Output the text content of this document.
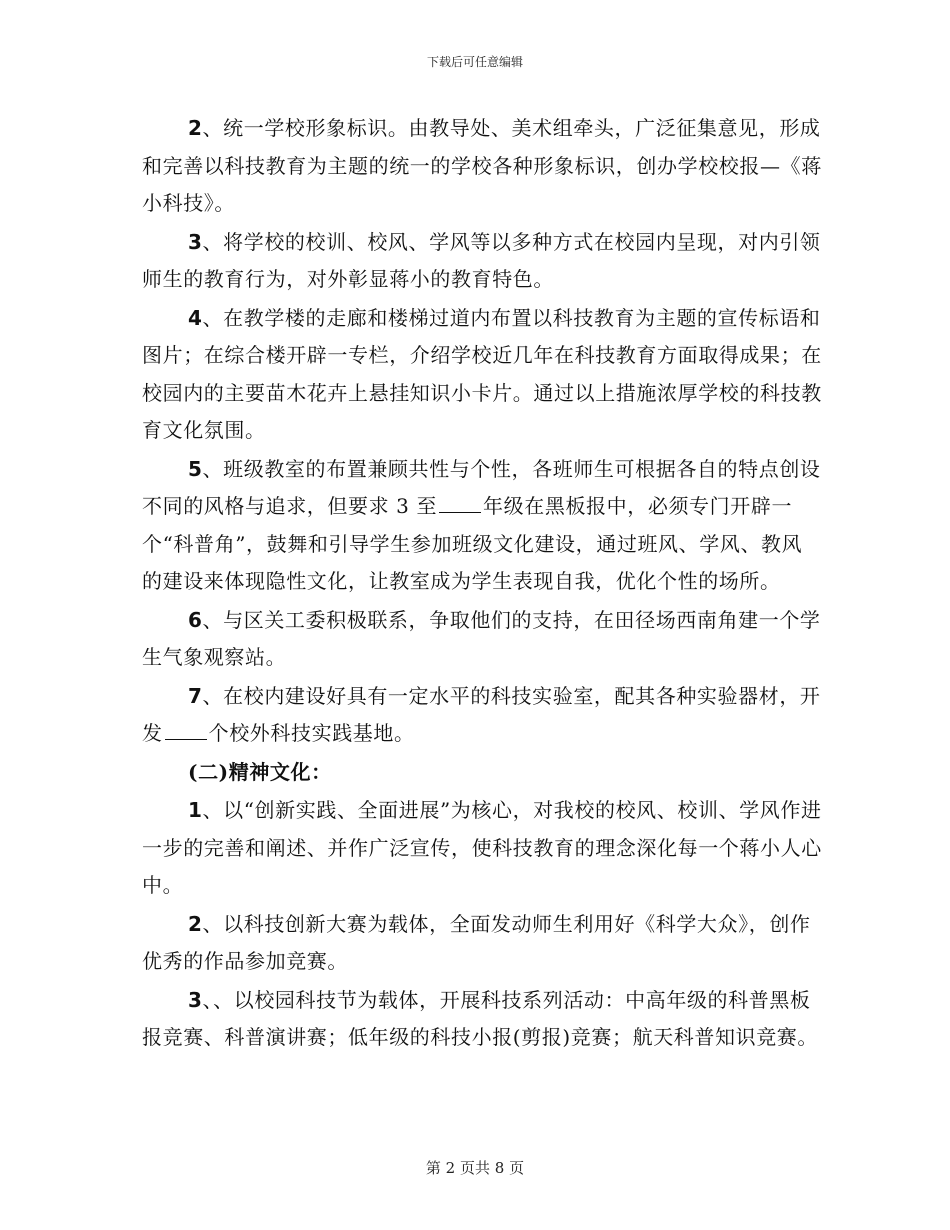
下载后可任意编辑

2、统一学校形象标识。由教导处、美术组牵头，广泛征集意见，形成和完善以科技教育为主题的统一的学校各种形象标识，创办学校校报—《蒋小科技》。

3、将学校的校训、校风、学风等以多种方式在校园内呈现，对内引领师生的教育行为，对外彰显蒋小的教育特色。

4、在教学楼的走廊和楼梯过道内布置以科技教育为主题的宣传标语和图片；在综合楼开辟一专栏，介绍学校近几年在科技教育方面取得成果；在校园内的主要苗木花卉上悬挂知识小卡片。通过以上措施浓厚学校的科技教育文化氛围。

5、班级教室的布置兼顾共性与个性，各班师生可根据各自的特点创设不同的风格与追求，但要求 3 至 年级在黑板报中，必须专门开辟一个“科普角”，鼓舞和引导学生参加班级文化建设，通过班风、学风、教风的建设来体现隐性文化，让教室成为学生表现自我，优化个性的场所。

6、与区关工委积极联系，争取他们的支持，在田径场西南角建一个学生气象观察站。

7、在校内建设好具有一定水平的科技实验室，配其各种实验器材，开发 个校外科技实践基地。

(二)精神文化：

1、以“创新实践、全面进展”为核心，对我校的校风、校训、学风作进一步的完善和阐述、并作广泛宣传，使科技教育的理念深化每一个蒋小人心中。

2、以科技创新大赛为载体，全面发动师生利用好《科学大众》，创作优秀的作品参加竞赛。

3、、以校园科技节为载体，开展科技系列活动：中高年级的科普黑板报竞赛、科普演讲赛；低年级的科技小报(剪报)竞赛；航天科普知识竞赛。

第 2 页共 8 页
